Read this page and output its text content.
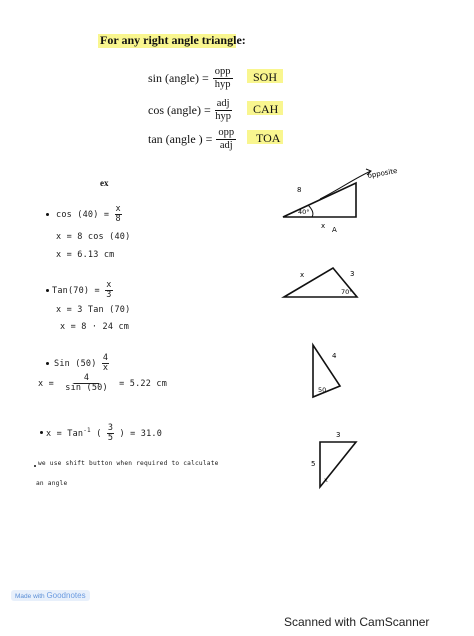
For any right angle triangle:
sin (angle) = $\frac{\text{opp}}{\text{hyp}}$ SOH
cos (angle) = $\frac{\text{adj}}{\text{hyp}}$ CAH
tan (angle ) = $\frac{\text{opp}}{\text{adj}}$ TOA
ex
$\cos (40) = \frac{x}{8}$
x = 8 cos (40)
x = 6.13 cm
$Tan(70) = \frac{x}{3}$
x = 3 Tan (70)
x = 8 · 24 cm
Sin $(50) \frac{4}{x}$
$x = \frac{4}{\sin (50)} = 5.22$ cm
x = Tan$^{-1}$ ( $\frac{3}{5}$ ) = 31.0
we use shift button when required to calculate
an angle
8
40°
x A
opposite
x	3
70°
4
50
3
5
x
Made with Goodnotes
Scanned with CamScanner
